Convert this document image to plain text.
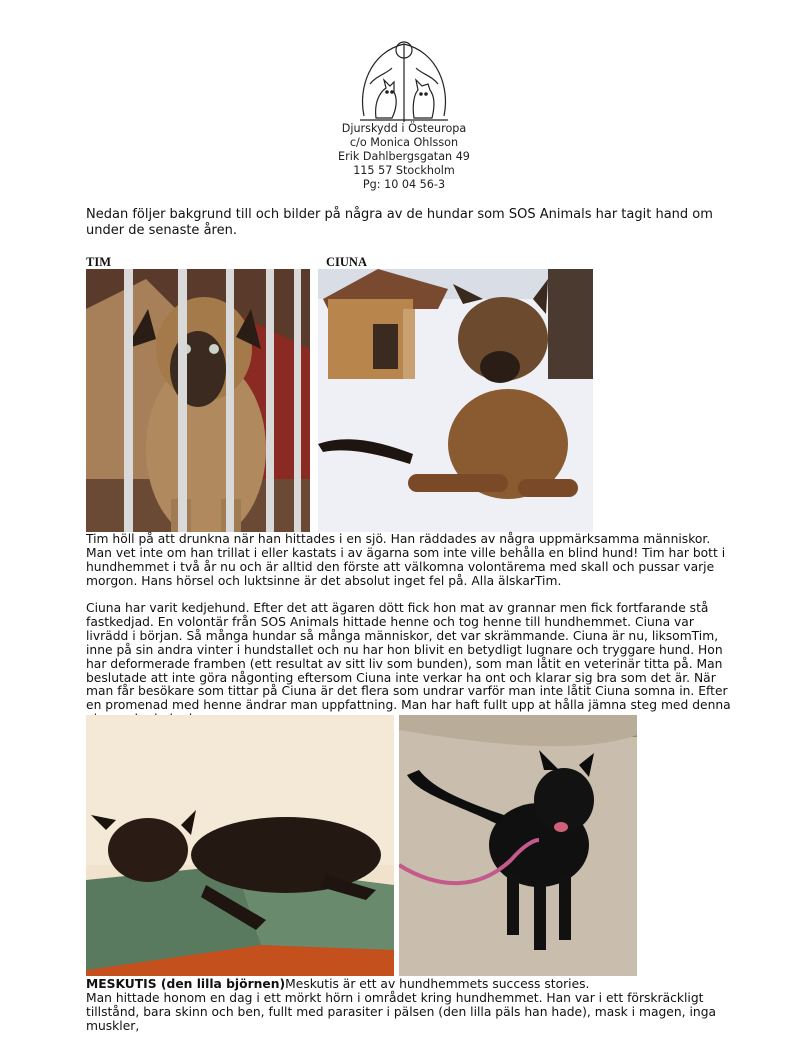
Djurskydd i Östeuropa
c/o Monica Ohlsson
Erik Dahlbergsgatan 49
115 57 Stockholm
Pg: 10 04 56-3
Nedan följer bakgrund till och bilder på några av de hundar som SOS Animals har tagit hand om under de senaste åren.
TIM	CIUNA
Tim höll på att drunkna när han hittades i en sjö. Han räddades av några uppmärksamma människor. Man vet inte om han trillat i eller kastats i av ägarna som inte ville behålla en blind hund! Tim har bott i hundhemmet i två år nu och är alltid den förste att välkomna volontärema med skall och pussar varje morgon. Hans hörsel och luktsinne är det absolut inget fel på. Alla älskarTim.
Ciuna har varit kedjehund. Efter det att ägaren dött fick hon mat av grannar men fick fortfarande stå fastkedjad. En volontär från SOS Animals hittade henne och tog henne till hundhemmet. Ciuna var livrädd i början. Så många hundar så många människor, det var skrämmande. Ciuna är nu, liksomTim, inne på sin andra vinter i hundstallet och nu har hon blivit en betydligt lugnare och tryggare hund. Hon har deformerade framben (ett resultat av sitt liv som bunden), som man låtit en veterinär titta på. Man beslutade att inte göra någonting eftersom Ciuna inte verkar ha ont och klarar sig bra som det är. När man får besökare som tittar på Ciuna är det flera som undrar varför man inte låtit Ciuna somna in. Efter en promenad med henne ändrar man uppfattning. Man har haft fullt upp at hålla jämna steg med denna

MESKUTIS (den lilla björnen)Meskutis är ett av hundhemmets success stories.

Man hittade honom en dag i ett mörkt hörn i området kring hundhemmet. Han var i ett förskräckligt tillstånd, bara skinn och ben, fullt med parasiter i pälsen (den lilla päls han hade), mask i magen, inga muskler,
